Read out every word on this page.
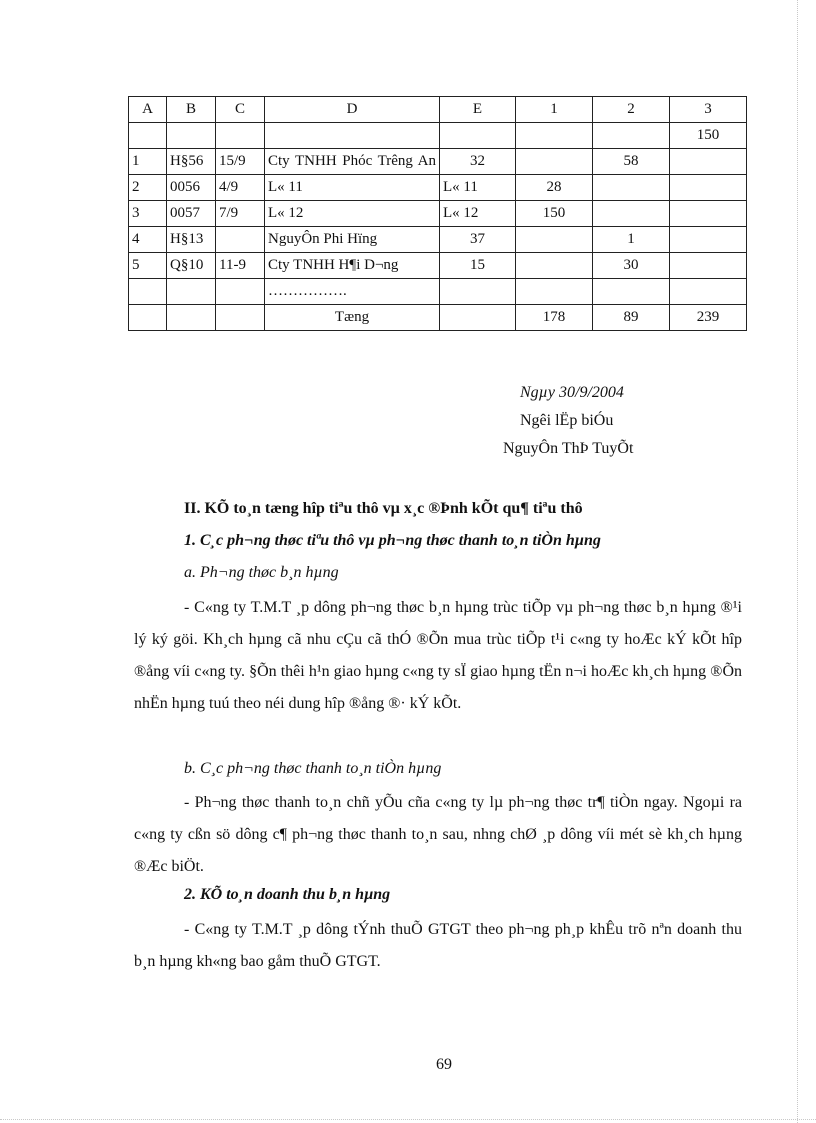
A	B	C	D	E	1	2	3
							150
1	H§56	15/9	Cty TNHH Phóc Trêng An	32		58	
2	0056	4/9	L« 11	L« 11	28		
3	0057	7/9	L« 12	L« 12	150		
4	H§13		NguyÔn Phi Hïng	37		1	
5	Q§10	11-9	Cty TNHH H¶i D¬ng	15		30	
			…………….				
			Tæng		178	89	239
Ngµy 30/9/2004
Ngêi lËp biÓu
NguyÔn ThÞ TuyÕt
II. KÕ to¸n tæng hîp tiªu thô vµ x¸c ®Þnh kÕt qu¶ tiªu thô
1. C¸c ph¬ng thøc tiªu thô vµ ph¬ng thøc thanh to¸n tiÒn hµng
a. Ph¬ng thøc b¸n hµng

- C«ng ty T.M.T ¸p dông ph¬ng thøc b¸n hµng trùc tiÕp vµ ph¬ng thøc b¸n hµng ®¹i lý ký göi. Kh¸ch hµng cã nhu cÇu cã thÓ ®Õn mua trùc tiÕp t¹i c«ng ty hoÆc kÝ kÕt hîp ®ång víi c«ng ty. §Õn thêi h¹n giao hµng c«ng ty sÏ giao hµng tËn n¬i hoÆc kh¸ch hµng ®Õn nhËn hµng tuú theo néi dung hîp ®ång ®· kÝ kÕt.

b. C¸c ph¬ng thøc thanh to¸n tiÒn hµng

- Ph¬ng thøc thanh to¸n chñ yÕu cña c«ng ty lµ ph¬ng thøc tr¶ tiÒn ngay. Ngoµi ra c«ng ty cßn sö dông c¶ ph¬ng thøc thanh to¸n sau, nhng chØ ¸p dông víi mét sè kh¸ch hµng ®Æc biÖt.

2. KÕ to¸n doanh thu b¸n hµng

- C«ng ty T.M.T ¸p dông tÝnh thuÕ GTGT theo ph¬ng ph¸p khÊu trõ nªn doanh thu b¸n hµng kh«ng bao gåm thuÕ GTGT.

69
